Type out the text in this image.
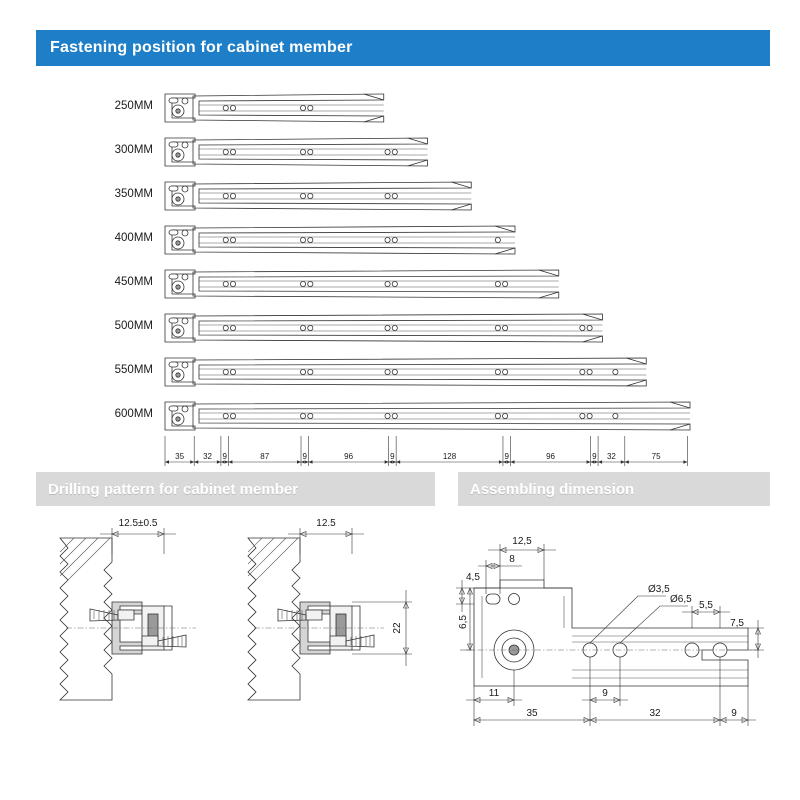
Fastening position for cabinet member
250MM
300MM
350MM
400MM
450MM
500MM
550MM
600MM
35 32 9	87	9	96	9	128	9	96	9 32	75
Drilling pattern for cabinet member	Assembling dimension
12.5±0.5	12.5
22
Ø3,5
Ø6,5
12,5
8
4,5
6,5
5,5
7,5
11	9
35	32	9
